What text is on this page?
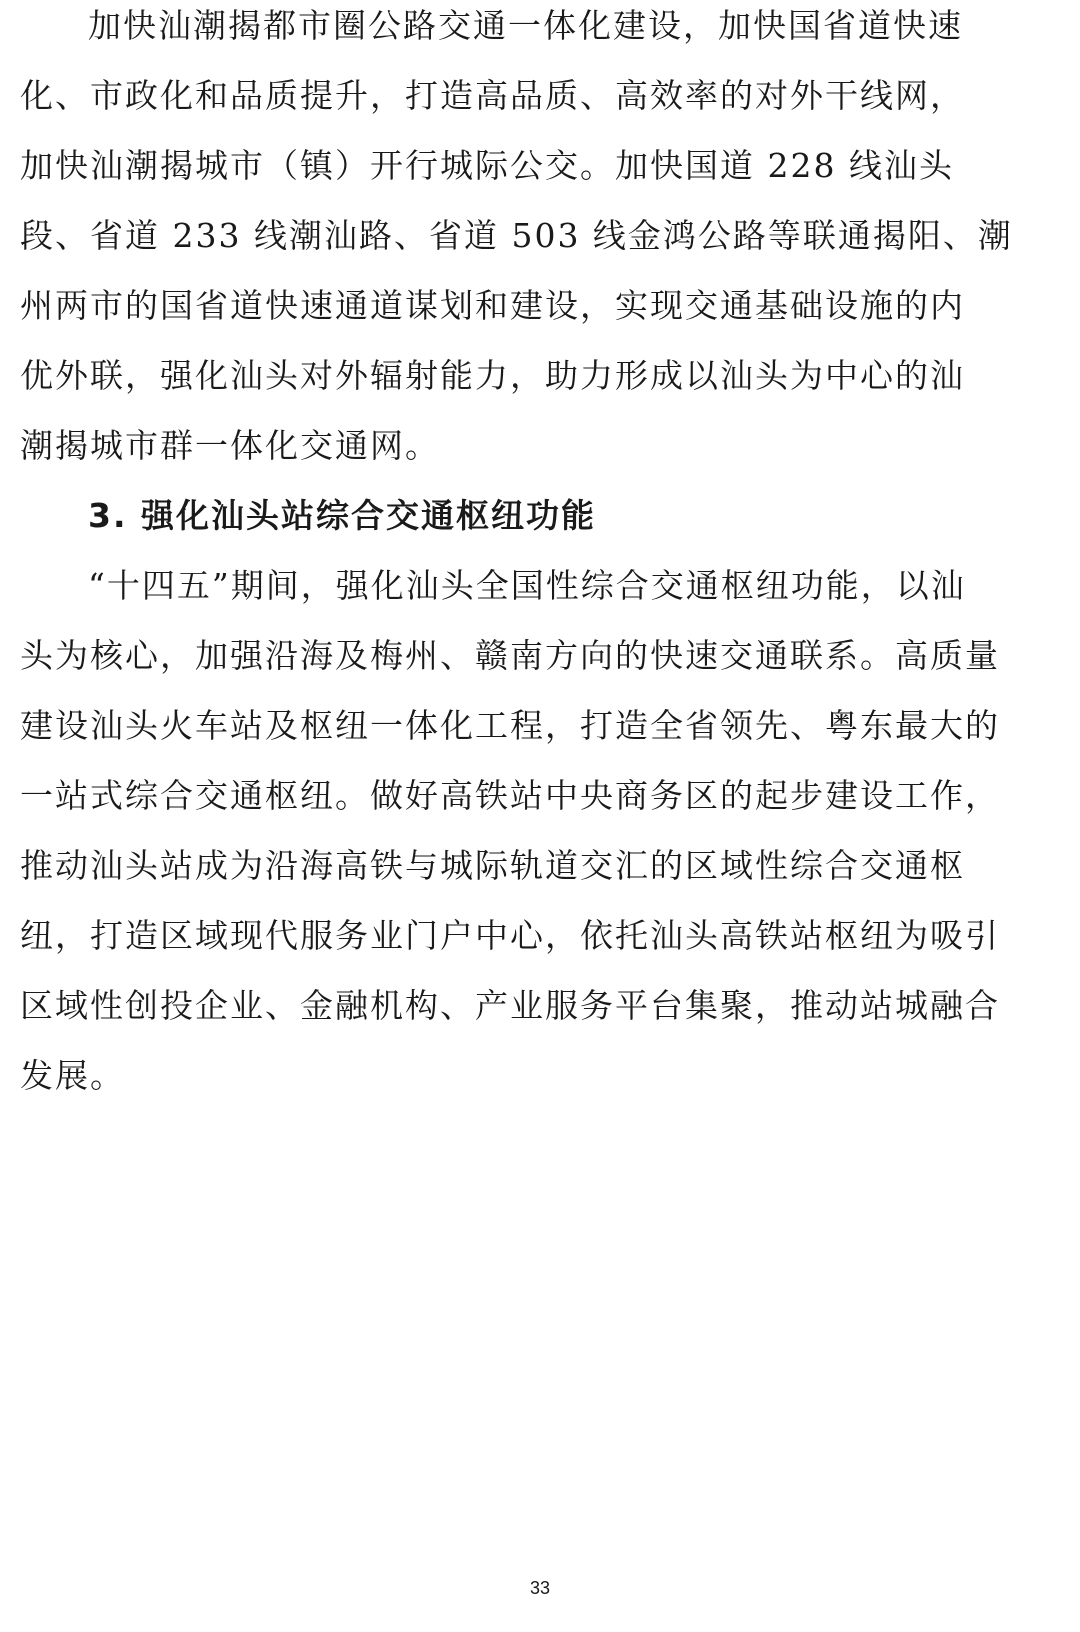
加快汕潮揭都市圈公路交通一体化建设，加快国省道快速
化、市政化和品质提升，打造高品质、高效率的对外干线网，
加快汕潮揭城市（镇）开行城际公交。加快国道 228 线汕头
段、省道 233 线潮汕路、省道 503 线金鸿公路等联通揭阳、潮
州两市的国省道快速通道谋划和建设，实现交通基础设施的内
优外联，强化汕头对外辐射能力，助力形成以汕头为中心的汕
潮揭城市群一体化交通网。
3. 强化汕头站综合交通枢纽功能
“十四五”期间，强化汕头全国性综合交通枢纽功能，以汕
头为核心，加强沿海及梅州、赣南方向的快速交通联系。高质量
建设汕头火车站及枢纽一体化工程，打造全省领先、粤东最大的
一站式综合交通枢纽。做好高铁站中央商务区的起步建设工作，
推动汕头站成为沿海高铁与城际轨道交汇的区域性综合交通枢
纽，打造区域现代服务业门户中心，依托汕头高铁站枢纽为吸引
区域性创投企业、金融机构、产业服务平台集聚，推动站城融合
发展。
33
